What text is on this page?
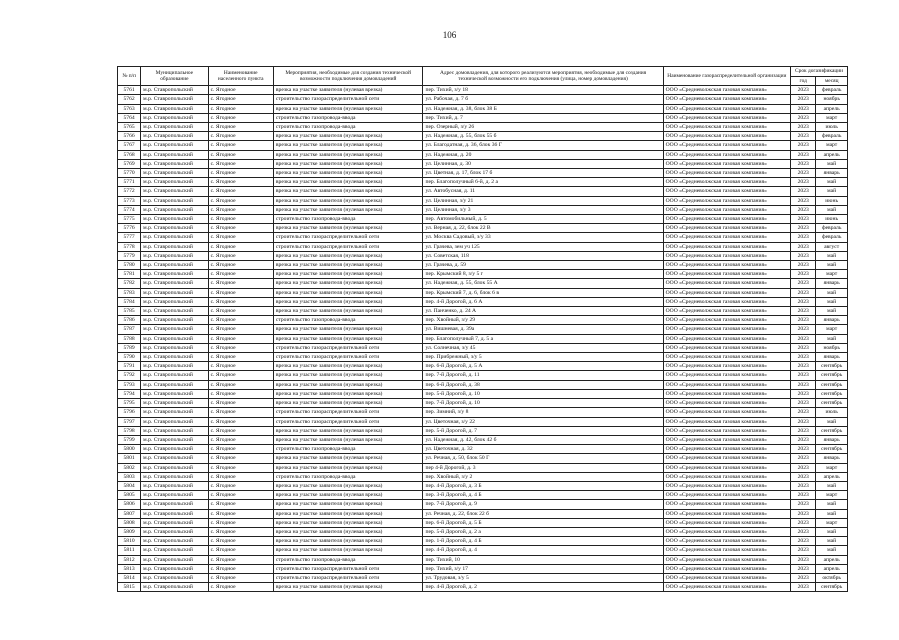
106
№ п/п	Муниципальное образование	Наименование населенного пункта	Мероприятия, необходимые для создания технической возможности подключения домовладений	Адрес домовладения, для которого реализуются мероприятия, необходимые для создания технической возможности его подключения (улица, номер домовладения)	Наименование газораспределительной организации	Срок догазификации	
						год	месяц
5761	м.р. Ставропольский	с. Ягодное	врезка на участке заявителя (нулевая врезка)	пер. Тихий, з/у 18	ООО «Средневолжская газовая компания»	2023	февраль
5762	м.р. Ставропольский	с. Ягодное	строительство газораспределительной сети	ул. Рабочая, д. 7 б	ООО «Средневолжская газовая компания»	2023	ноябрь
5763	м.р. Ставропольский	с. Ягодное	врезка на участке заявителя (нулевая врезка)	ул. Надежная, д. 38, блок 38 Б	ООО «Средневолжская газовая компания»	2023	апрель
5764	м.р. Ставропольский	с. Ягодное	строительство газопровода-ввода	пер. Тихий, д. 7	ООО «Средневолжская газовая компания»	2023	март
5765	м.р. Ставропольский	с. Ягодное	строительство газопровода-ввода	пер. Озерный, з/у 26	ООО «Средневолжская газовая компания»	2023	июль
5766	м.р. Ставропольский	с. Ягодное	врезка на участке заявителя (нулевая врезка)	ул. Надежная, д. 55, блок 55 б	ООО «Средневолжская газовая компания»	2023	февраль
5767	м.р. Ставропольский	с. Ягодное	врезка на участке заявителя (нулевая врезка)	ул. Благодатная, д. 36, блок 36 Г	ООО «Средневолжская газовая компания»	2023	март
5768	м.р. Ставропольский	с. Ягодное	врезка на участке заявителя (нулевая врезка)	ул. Надежная, д. 20	ООО «Средневолжская газовая компания»	2023	апрель
5769	м.р. Ставропольский	с. Ягодное	врезка на участке заявителя (нулевая врезка)	ул. Целинная, д. 30	ООО «Средневолжская газовая компания»	2023	май
5770	м.р. Ставропольский	с. Ягодное	врезка на участке заявителя (нулевая врезка)	ул. Цветная, д. 17, блок 17 б	ООО «Средневолжская газовая компания»	2023	январь
5771	м.р. Ставропольский	с. Ягодное	врезка на участке заявителя (нулевая врезка)	пер. Благополучный 6-й, д. 2 а	ООО «Средневолжская газовая компания»	2023	май
5772	м.р. Ставропольский	с. Ягодное	врезка на участке заявителя (нулевая врезка)	ул. Автобусная, д. 11	ООО «Средневолжская газовая компания»	2023	май
5773	м.р. Ставропольский	с. Ягодное	врезка на участке заявителя (нулевая врезка)	ул. Целинная, з/у 21	ООО «Средневолжская газовая компания»	2023	июнь
5774	м.р. Ставропольский	с. Ягодное	врезка на участке заявителя (нулевая врезка)	ул. Целинная, з/у 3	ООО «Средневолжская газовая компания»	2023	май
5775	м.р. Ставропольский	с. Ягодное	строительство газопровода-ввода	пер. Автомобильный, д. 5	ООО «Средневолжская газовая компания»	2023	июнь
5776	м.р. Ставропольский	с. Ягодное	врезка на участке заявителя (нулевая врезка)	ул. Верная, д. 22, блок 22 В	ООО «Средневолжская газовая компания»	2023	февраль
5777	м.р. Ставропольский	с. Ягодное	строительство газораспределительной сети	ул. Москва Садовый, з/у 33	ООО «Средневолжская газовая компания»	2023	февраль
5778	м.р. Ставропольский	с. Ягодное	строительство газораспределительной сети	ул. Грачева, зем уч 125	ООО «Средневолжская газовая компания»	2023	август
5779	м.р. Ставропольский	с. Ягодное	врезка на участке заявителя (нулевая врезка)	ул. Советская, 118	ООО «Средневолжская газовая компания»	2023	май
5780	м.р. Ставропольский	с. Ягодное	врезка на участке заявителя (нулевая врезка)	ул. Грачева, д. 59	ООО «Средневолжская газовая компания»	2023	май
5781	м.р. Ставропольский	с. Ягодное	врезка на участке заявителя (нулевая врезка)	пер. Крымский 8, з/у 5 г	ООО «Средневолжская газовая компания»	2023	март
5782	м.р. Ставропольский	с. Ягодное	врезка на участке заявителя (нулевая врезка)	ул. Надежная, д. 55, блок 55 А	ООО «Средневолжская газовая компания»	2023	январь
5783	м.р. Ставропольский	с. Ягодное	врезка на участке заявителя (нулевая врезка)	пер. Крымский 7, д. 6, блок 6 в	ООО «Средневолжская газовая компания»	2023	май
5784	м.р. Ставропольский	с. Ягодное	врезка на участке заявителя (нулевая врезка)	пер. 4-й Дорогой, д. 6 А	ООО «Средневолжская газовая компания»	2023	май
5785	м.р. Ставропольский	с. Ягодное	врезка на участке заявителя (нулевая врезка)	ул. Панченко, д. 24 А	ООО «Средневолжская газовая компания»	2023	май
5786	м.р. Ставропольский	с. Ягодное	строительство газопровода-ввода	пер. Хвойный, з/у 29	ООО «Средневолжская газовая компания»	2023	январь
5787	м.р. Ставропольский	с. Ягодное	врезка на участке заявителя (нулевая врезка)	ул. Вишневая, д. 39а	ООО «Средневолжская газовая компания»	2023	март
5788	м.р. Ставропольский	с. Ягодное	врезка на участке заявителя (нулевая врезка)	пер. Благополучный 7, д. 5 а	ООО «Средневолжская газовая компания»	2023	май
5789	м.р. Ставропольский	с. Ягодное	строительство газораспределительной сети	ул. Солнечная, з/у 45	ООО «Средневолжская газовая компания»	2023	ноябрь
5790	м.р. Ставропольский	с. Ягодное	строительство газораспределительной сети	пер. Прибрежный, з/у 5	ООО «Средневолжская газовая компания»	2023	январь
5791	м.р. Ставропольский	с. Ягодное	врезка на участке заявителя (нулевая врезка)	пер. 6-й Дорогой, д. 5 А	ООО «Средневолжская газовая компания»	2023	сентябрь
5792	м.р. Ставропольский	с. Ягодное	врезка на участке заявителя (нулевая врезка)	пер. 7-й Дорогой, д. 11	ООО «Средневолжская газовая компания»	2023	сентябрь
5793	м.р. Ставропольский	с. Ягодное	врезка на участке заявителя (нулевая врезка)	пер. 6-й Дорогой, д. 38	ООО «Средневолжская газовая компания»	2023	сентябрь
5794	м.р. Ставропольский	с. Ягодное	врезка на участке заявителя (нулевая врезка)	пер. 5-й Дорогой, д. 10	ООО «Средневолжская газовая компания»	2023	сентябрь
5795	м.р. Ставропольский	с. Ягодное	врезка на участке заявителя (нулевая врезка)	пер. 7-й Дорогой, д. 10	ООО «Средневолжская газовая компания»	2023	сентябрь
5796	м.р. Ставропольский	с. Ягодное	строительство газораспределительной сети	пер. Зимний, з/у 8	ООО «Средневолжская газовая компания»	2023	июль
5797	м.р. Ставропольский	с. Ягодное	строительство газораспределительной сети	ул. Цветочная, з/у 22	ООО «Средневолжская газовая компания»	2023	май
5798	м.р. Ставропольский	с. Ягодное	врезка на участке заявителя (нулевая врезка)	пер. 5-й Дорогой, д. 7	ООО «Средневолжская газовая компания»	2023	сентябрь
5799	м.р. Ставропольский	с. Ягодное	врезка на участке заявителя (нулевая врезка)	ул. Надежная, д. 42, блок 42 б	ООО «Средневолжская газовая компания»	2023	январь
5800	м.р. Ставропольский	с. Ягодное	строительство газопровода-ввода	ул. Цветочная, д. 32	ООО «Средневолжская газовая компания»	2023	сентябрь
5801	м.р. Ставропольский	с. Ягодное	врезка на участке заявителя (нулевая врезка)	ул. Речная, д. 50, блок 50 Г	ООО «Средневолжская газовая компания»	2023	январь
5802	м.р. Ставропольский	с. Ягодное	врезка на участке заявителя (нулевая врезка)	пер 4-й Дорогой, д. 3	ООО «Средневолжская газовая компания»	2023	март
5803	м.р. Ставропольский	с. Ягодное	строительство газопровода-ввода	пер. Хвойный, з/у 2	ООО «Средневолжская газовая компания»	2023	апрель
5804	м.р. Ставропольский	с. Ягодное	врезка на участке заявителя (нулевая врезка)	пер. 4-й Дорогой, д. 3 Б	ООО «Средневолжская газовая компания»	2023	май
5805	м.р. Ставропольский	с. Ягодное	врезка на участке заявителя (нулевая врезка)	пер. 3-й Дорогой, д. 4 Б	ООО «Средневолжская газовая компания»	2023	март
5806	м.р. Ставропольский	с. Ягодное	врезка на участке заявителя (нулевая врезка)	пер. 7-й Дорогой, д. 9	ООО «Средневолжская газовая компания»	2023	май
5807	м.р. Ставропольский	с. Ягодное	врезка на участке заявителя (нулевая врезка)	ул. Речная, д. 22, блок 22 б	ООО «Средневолжская газовая компания»	2023	май
5808	м.р. Ставропольский	с. Ягодное	врезка на участке заявителя (нулевая врезка)	пер. 6-й Дорогой, д. 5 Б	ООО «Средневолжская газовая компания»	2023	март
5809	м.р. Ставропольский	с. Ягодное	врезка на участке заявителя (нулевая врезка)	пер. 5-й Дорогой, д. 2 а	ООО «Средневолжская газовая компания»	2023	май
5810	м.р. Ставропольский	с. Ягодное	врезка на участке заявителя (нулевая врезка)	пер. 1-й Дорогой, д. 4 Б	ООО «Средневолжская газовая компания»	2023	май
5811	м.р. Ставропольский	с. Ягодное	врезка на участке заявителя (нулевая врезка)	пер. 4-й Дорогой, д. 4	ООО «Средневолжская газовая компания»	2023	май
5812	м.р. Ставропольский	с. Ягодное	строительство газопровода-ввода	пер. Тихий, 10	ООО «Средневолжская газовая компания»	2023	апрель
5813	м.р. Ставропольский	с. Ягодное	строительство газораспределительной сети	пер. Тихий, з/у 17	ООО «Средневолжская газовая компания»	2023	апрель
5814	м.р. Ставропольский	с. Ягодное	строительство газораспределительной сети	ул. Трудовая, з/у 5	ООО «Средневолжская газовая компания»	2023	октябрь
5815	м.р. Ставропольский	с. Ягодное	врезка на участке заявителя (нулевая врезка)	пер. 4-й Дорогой, д. 2	ООО «Средневолжская газовая компания»	2023	сентябрь
